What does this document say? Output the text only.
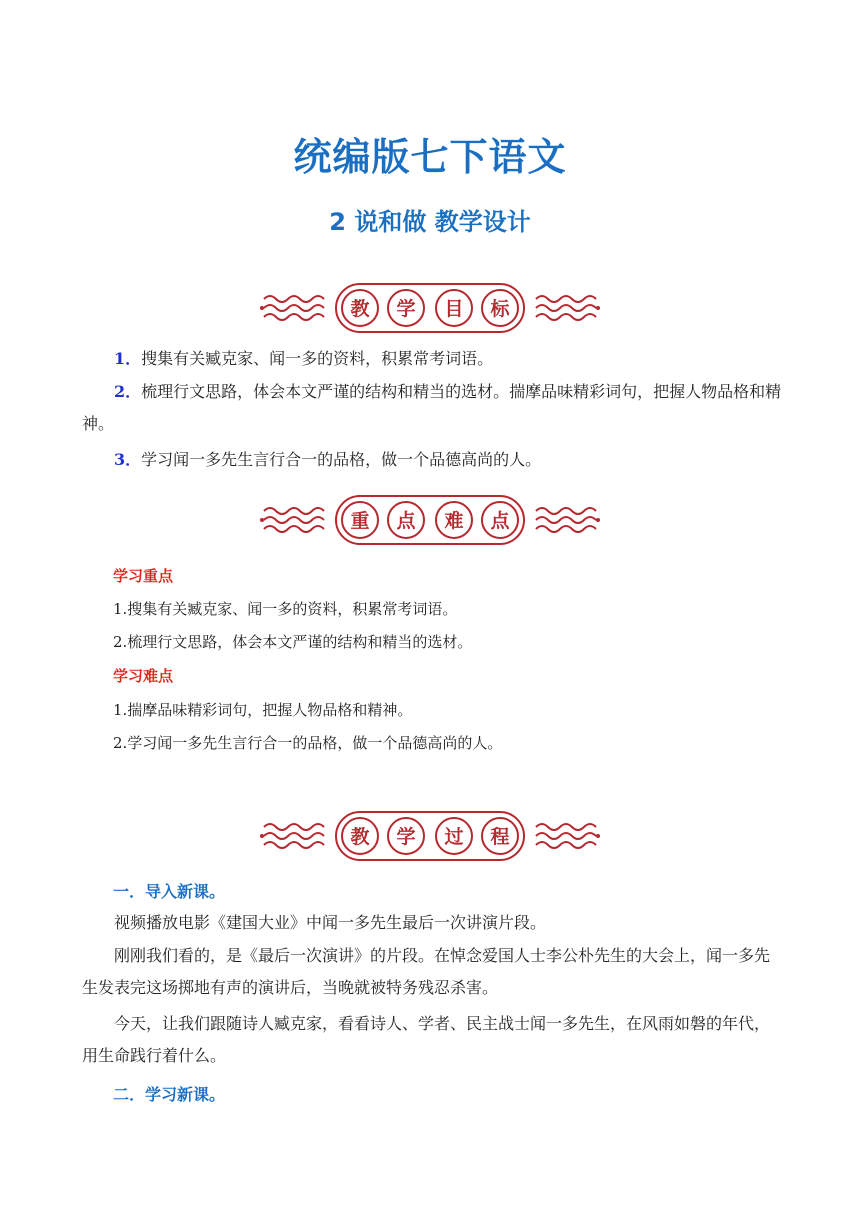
统编版七下语文
2 说和做 教学设计
教 学 目 标

1．搜集有关臧克家、闻一多的资料，积累常考词语。

2．梳理行文思路，体会本文严谨的结构和精当的选材。揣摩品味精彩词句，把握人物品格和精神。

3．学习闻一多先生言行合一的品格，做一个品德高尚的人。

重 点 难 点

学习重点

1.搜集有关臧克家、闻一多的资料，积累常考词语。

2.梳理行文思路，体会本文严谨的结构和精当的选材。

学习难点

1.揣摩品味精彩词句，把握人物品格和精神。

2.学习闻一多先生言行合一的品格，做一个品德高尚的人。

教 学 过 程

一．导入新课。

视频播放电影《建国大业》中闻一多先生最后一次讲演片段。

刚刚我们看的，是《最后一次演讲》的片段。在悼念爱国人士李公朴先生的大会上，闻一多先生发表完这场掷地有声的演讲后，当晚就被特务残忍杀害。

今天，让我们跟随诗人臧克家，看看诗人、学者、民主战士闻一多先生，在风雨如磐的年代，用生命践行着什么。

二．学习新课。
